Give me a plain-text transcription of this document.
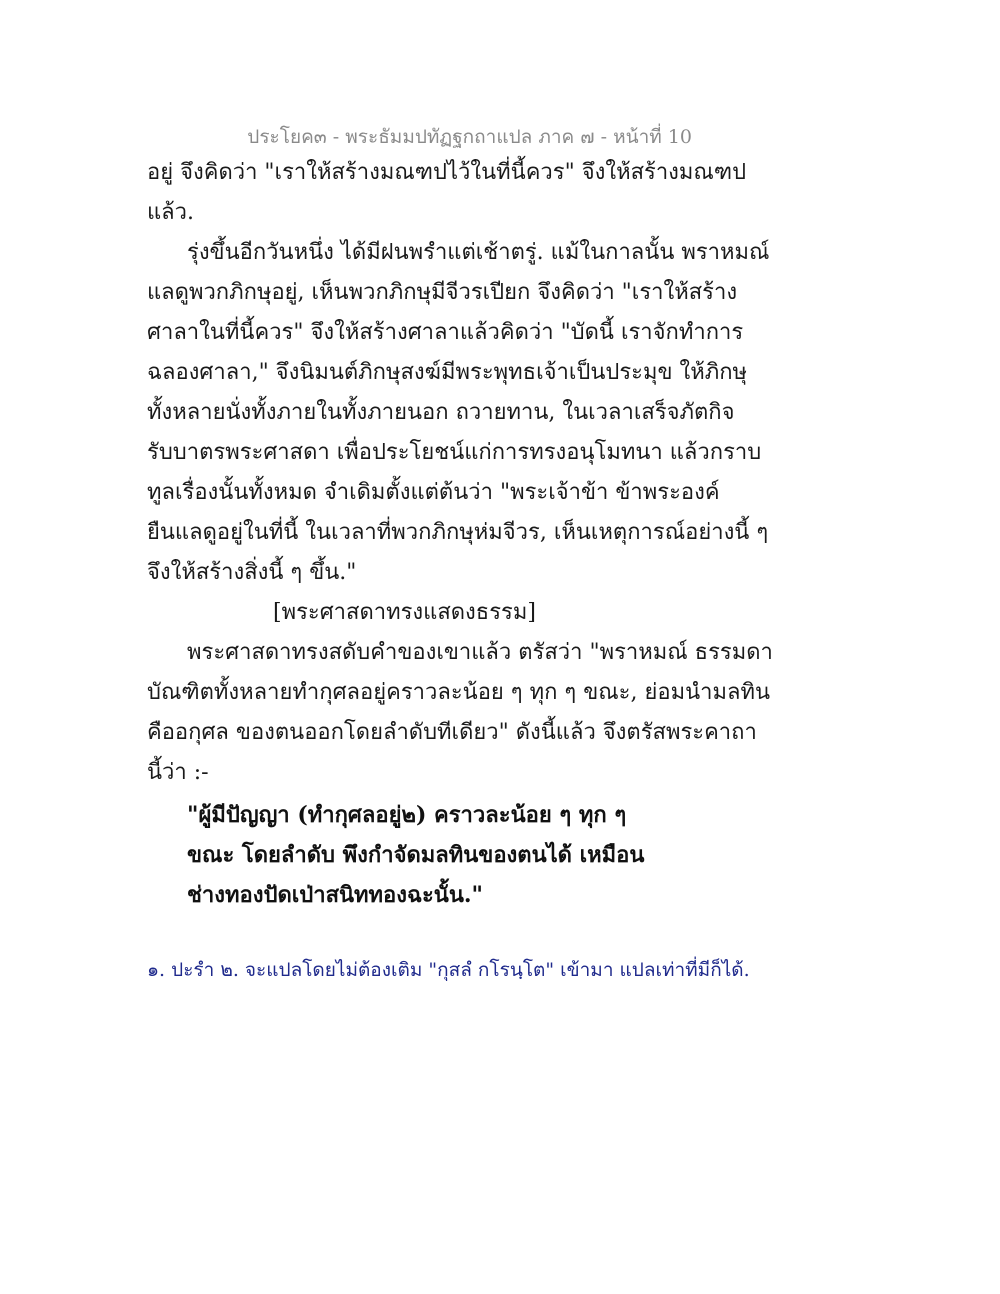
ประโยค๓ - พระธัมมปทัฏฐกถาแปล ภาค ๗ - หน้าที่ 10
อยู่ จึงคิดว่า "เราให้สร้างมณฑปไว้ในที่นี้ควร" จึงให้สร้างมณฑป
แล้ว.
รุ่งขึ้นอีกวันหนึ่ง ได้มีฝนพรำแต่เช้าตรู่. แม้ในกาลนั้น พราหมณ์
แลดูพวกภิกษุอยู่, เห็นพวกภิกษุมีจีวรเปียก จึงคิดว่า "เราให้สร้าง
ศาลาในที่นี้ควร" จึงให้สร้างศาลาแล้วคิดว่า "บัดนี้ เราจักทำการ
ฉลองศาลา," จึงนิมนต์ภิกษุสงฆ์มีพระพุทธเจ้าเป็นประมุข ให้ภิกษุ
ทั้งหลายนั่งทั้งภายในทั้งภายนอก ถวายทาน, ในเวลาเสร็จภัตกิจ
รับบาตรพระศาสดา เพื่อประโยชน์แก่การทรงอนุโมทนา แล้วกราบ
ทูลเรื่องนั้นทั้งหมด จำเดิมตั้งแต่ต้นว่า "พระเจ้าข้า ข้าพระองค์
ยืนแลดูอยู่ในที่นี้ ในเวลาที่พวกภิกษุห่มจีวร, เห็นเหตุการณ์อย่างนี้ ๆ
จึงให้สร้างสิ่งนี้ ๆ ขึ้น."
[พระศาสดาทรงแสดงธรรม]
พระศาสดาทรงสดับคำของเขาแล้ว ตรัสว่า "พราหมณ์ ธรรมดา
บัณฑิตทั้งหลายทำกุศลอยู่คราวละน้อย ๆ ทุก ๆ ขณะ, ย่อมนำมลทิน
คืออกุศล ของตนออกโดยลำดับทีเดียว" ดังนี้แล้ว จึงตรัสพระคาถา
นี้ว่า :-
"ผู้มีปัญญา (ทำกุศลอยู่๒) คราวละน้อย ๆ ทุก ๆ
ขณะ โดยลำดับ พึงกำจัดมลทินของตนได้ เหมือน
ช่างทองปัดเป่าสนิททองฉะนั้น."
๑. ปะรำ ๒. จะแปลโดยไม่ต้องเติม "กุสลํ กโรนฺโต" เข้ามา แปลเท่าที่มีก็ได้.
